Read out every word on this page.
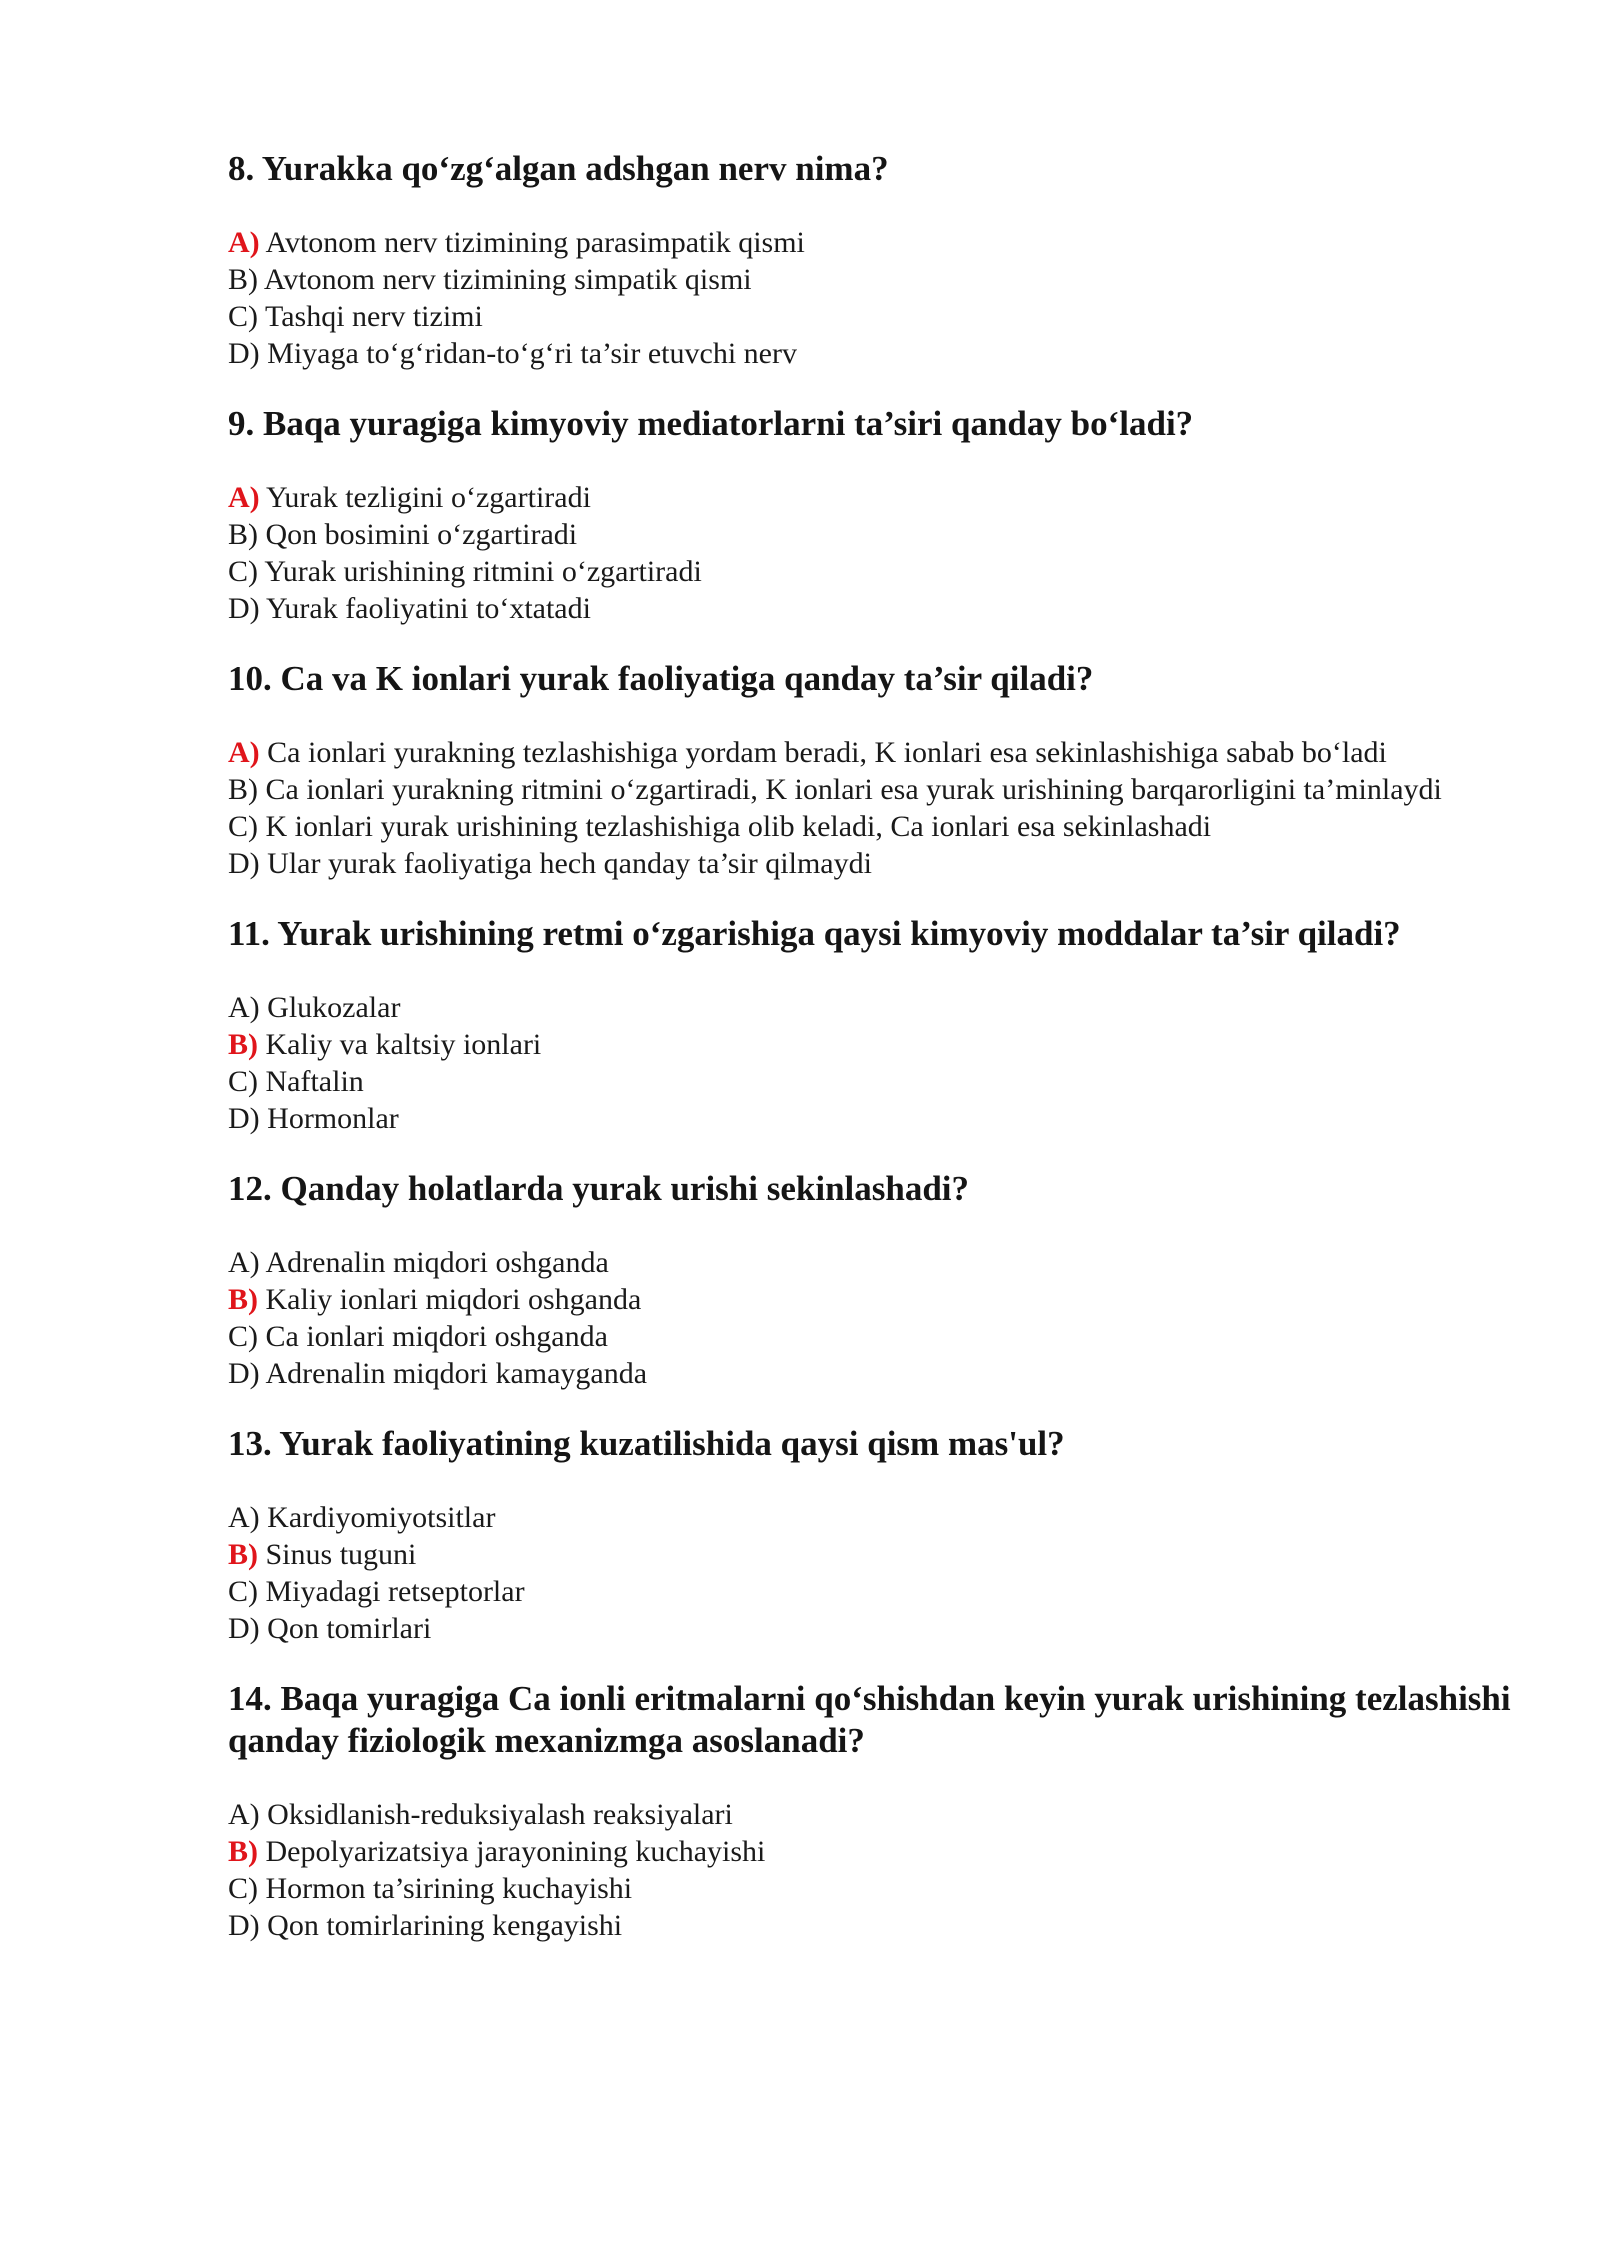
8. Yurakka qo‘zg‘algan adshgan nerv nima?

A) Avtonom nerv tizimining parasimpatik qismi

B) Avtonom nerv tizimining simpatik qismi

C) Tashqi nerv tizimi

D) Miyaga to‘g‘ridan-to‘g‘ri ta’sir etuvchi nerv

9. Baqa yuragiga kimyoviy mediatorlarni ta’siri qanday bo‘ladi?

A) Yurak tezligini o‘zgartiradi

B) Qon bosimini o‘zgartiradi

C) Yurak urishining ritmini o‘zgartiradi

D) Yurak faoliyatini to‘xtatadi

10. Ca va K ionlari yurak faoliyatiga qanday ta’sir qiladi?

A) Ca ionlari yurakning tezlashishiga yordam beradi, K ionlari esa sekinlashishiga sabab bo‘ladi

B) Ca ionlari yurakning ritmini o‘zgartiradi, K ionlari esa yurak urishining barqarorligini ta’minlaydi

C) K ionlari yurak urishining tezlashishiga olib keladi, Ca ionlari esa sekinlashadi

D) Ular yurak faoliyatiga hech qanday ta’sir qilmaydi

11. Yurak urishining retmi o‘zgarishiga qaysi kimyoviy moddalar ta’sir qiladi?

A) Glukozalar

B) Kaliy va kaltsiy ionlari

C) Naftalin

D) Hormonlar

12. Qanday holatlarda yurak urishi sekinlashadi?

A) Adrenalin miqdori oshganda

B) Kaliy ionlari miqdori oshganda

C) Ca ionlari miqdori oshganda

D) Adrenalin miqdori kamayganda

13. Yurak faoliyatining kuzatilishida qaysi qism mas'ul?

A) Kardiyomiyotsitlar

B) Sinus tuguni

C) Miyadagi retseptorlar

D) Qon tomirlari

14. Baqa yuragiga Ca ionli eritmalarni qo‘shishdan keyin yurak urishining tezlashishi qanday fiziologik mexanizmga asoslanadi?

A) Oksidlanish-reduksiyalash reaksiyalari

B) Depolyarizatsiya jarayonining kuchayishi

C) Hormon ta’sirining kuchayishi

D) Qon tomirlarining kengayishi
